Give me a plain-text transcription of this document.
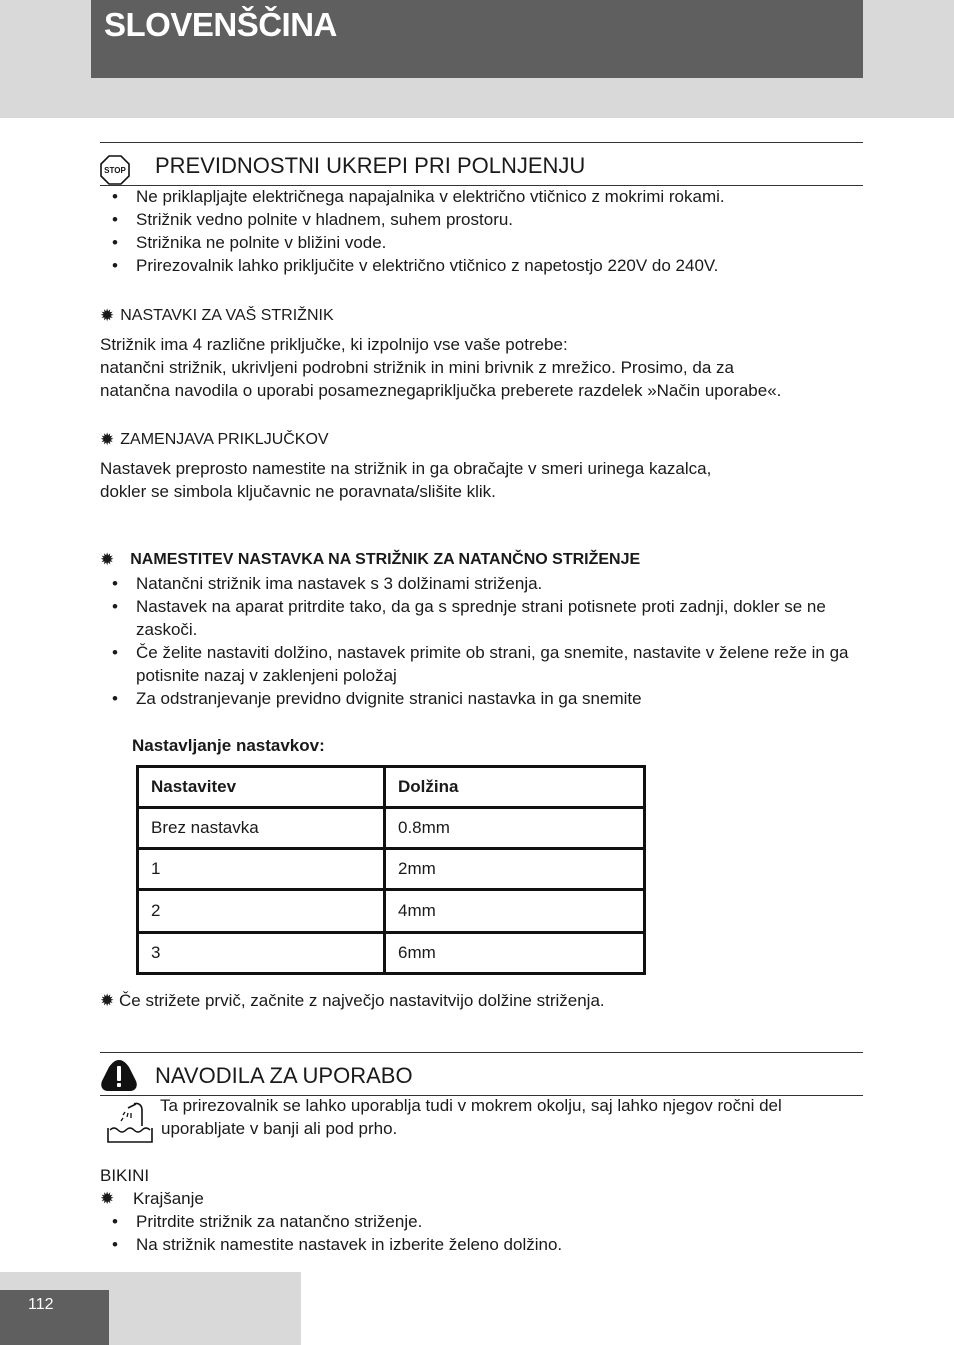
SLOVENŠČINA
STOP PREVIDNOSTNI UKREPI PRI POLNJENJU
• Ne priklapljajte električnega napajalnika v električno vtičnico z mokrimi rokami.
• Strižnik vedno polnite v hladnem, suhem prostoru.
• Strižnika ne polnite v bližini vode.
• Prirezovalnik lahko priključite v električno vtičnico z napetostjo 220V do 240V.
✹ NASTAVKI ZA VAŠ STRIŽNIK
Strižnik ima 4 različne priključke, ki izpolnijo vse vaše potrebe:
natančni strižnik, ukrivljeni podrobni strižnik in mini brivnik z mrežico. Prosimo, da za
natančna navodila o uporabi posameznegapriključka preberete razdelek »Način uporabe«.
✹ ZAMENJAVA PRIKLJUČKOV
Nastavek preprosto namestite na strižnik in ga obračajte v smeri urinega kazalca,
dokler se simbola ključavnic ne poravnata/slišite klik.
✹ NAMESTITEV NASTAVKA NA STRIŽNIK ZA NATANČNO STRIŽENJE
• Natančni strižnik ima nastavek s 3 dolžinami striženja.
• Nastavek na aparat pritrdite tako, da ga s sprednje strani potisnete proti zadnji, dokler se ne zaskoči.
• Če želite nastaviti dolžino, nastavek primite ob strani, ga snemite, nastavite v želene reže in ga potisnite nazaj v zaklenjeni položaj
• Za odstranjevanje previdno dvignite stranici nastavka in ga snemite
Nastavljanje nastavkov:
Nastavitev	Dolžina
Brez nastavka	0.8mm
1	2mm
2	4mm
3	6mm
✹ Če strižete prvič, začnite z največjo nastavitvijo dolžine striženja.
NAVODILA ZA UPORABO
Ta prirezovalnik se lahko uporablja tudi v mokrem okolju, saj lahko njegov ročni del
uporabljate v banji ali pod prho.
BIKINI
✹ Krajšanje
• Pritrdite strižnik za natančno striženje.
• Na strižnik namestite nastavek in izberite želeno dolžino.
112
